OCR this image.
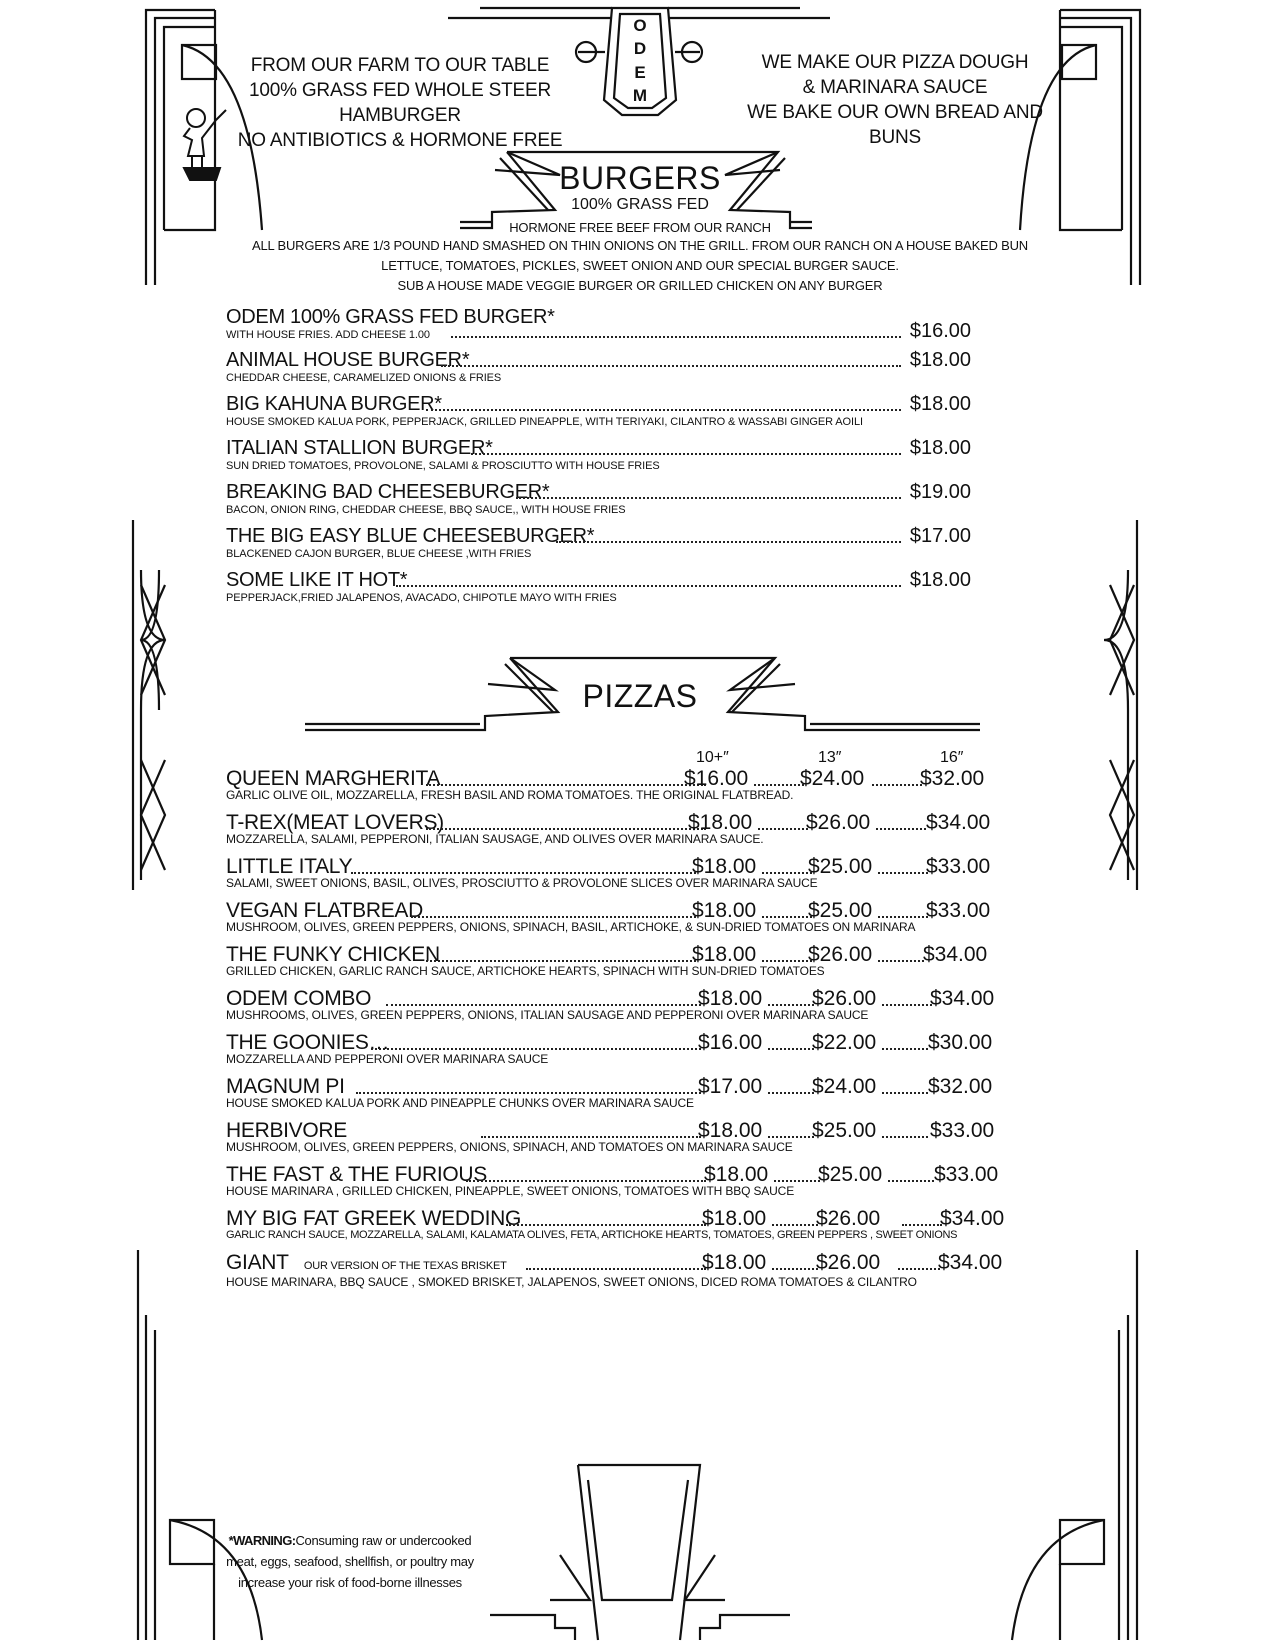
O
D
E
M
FROM OUR FARM TO OUR TABLE
100% GRASS FED WHOLE STEER HAMBURGER
NO ANTIBIOTICS & HORMONE FREE
WE MAKE OUR PIZZA DOUGH
& MARINARA SAUCE
WE BAKE OUR OWN BREAD AND BUNS
BURGERS
100% GRASS FED
HORMONE FREE BEEF FROM OUR RANCH
ALL BURGERS ARE 1/3 POUND HAND SMASHED ON THIN ONIONS ON THE GRILL. FROM OUR RANCH ON A HOUSE BAKED BUN
LETTUCE, TOMATOES, PICKLES, SWEET ONION AND OUR SPECIAL BURGER SAUCE.
SUB A HOUSE MADE VEGGIE BURGER OR GRILLED CHICKEN ON ANY BURGER
ODEM 100% GRASS FED BURGER*
WITH HOUSE FRIES. ADD CHEESE 1.00	$16.00
ANIMAL HOUSE BURGER*
CHEDDAR CHEESE, CARAMELIZED ONIONS & FRIES
$18.00
BIG KAHUNA BURGER*
HOUSE SMOKED KALUA PORK, PEPPERJACK, GRILLED PINEAPPLE, WITH TERIYAKI, CILANTRO & WASSABI GINGER AOILI
$18.00
ITALIAN STALLION BURGER*
SUN DRIED TOMATOES, PROVOLONE, SALAMI & PROSCIUTTO WITH HOUSE FRIES
$18.00
BREAKING BAD CHEESEBURGER*
BACON, ONION RING, CHEDDAR CHEESE, BBQ SAUCE,, WITH HOUSE FRIES
$19.00
THE BIG EASY BLUE CHEESEBURGER*
BLACKENED CAJON BURGER, BLUE CHEESE ,WITH FRIES
$17.00
SOME LIKE IT HOT*
PEPPERJACK,FRIED JALAPENOS, AVACADO, CHIPOTLE MAYO WITH FRIES
$18.00
PIZZAS
10+″	13″	16″
QUEEN MARGHERITA
GARLIC OLIVE OIL, MOZZARELLA, FRESH BASIL AND ROMA TOMATOES. THE ORIGINAL FLATBREAD.
$16.00 $24.00	$32.00
T-REX(MEAT LOVERS)
MOZZARELLA, SALAMI, PEPPERONI, ITALIAN SAUSAGE, AND OLIVES OVER MARINARA SAUCE.
$18.00	$26.00	$34.00
LITTLE ITALY
SALAMI, SWEET ONIONS, BASIL, OLIVES, PROSCIUTTO & PROVOLONE SLICES OVER MARINARA SAUCE
$18.00 $25.00	$33.00
VEGAN FLATBREAD
MUSHROOM, OLIVES, GREEN PEPPERS, ONIONS, SPINACH, BASIL, ARTICHOKE, & SUN-DRIED TOMATOES ON MARINARA
$18.00 $25.00	$33.00
THE FUNKY CHICKEN
GRILLED CHICKEN, GARLIC RANCH SAUCE, ARTICHOKE HEARTS, SPINACH WITH SUN-DRIED TOMATOES
$18.00 $26.00 $34.00
ODEM COMBO
MUSHROOMS, OLIVES, GREEN PEPPERS, ONIONS, ITALIAN SAUSAGE AND PEPPERONI OVER MARINARA SAUCE
$18.00 $26.00	$34.00
THE GOONIES…
MOZZARELLA AND PEPPERONI OVER MARINARA SAUCE
$16.00 $22.00 $30.00
MAGNUM PI
HOUSE SMOKED KALUA PORK AND PINEAPPLE CHUNKS OVER MARINARA SAUCE
$17.00 $24.00 $32.00
HERBIVORE
MUSHROOM, OLIVES, GREEN PEPPERS, ONIONS, SPINACH, AND TOMATOES ON MARINARA SAUCE
$18.00 $25.00	$33.00
THE FAST & THE FURIOUS
HOUSE MARINARA , GRILLED CHICKEN, PINEAPPLE, SWEET ONIONS, TOMATOES WITH BBQ SAUCE
$18.00 $25.00 $33.00
MY BIG FAT GREEK WEDDING
GARLIC RANCH SAUCE, MOZZARELLA, SALAMI, KALAMATA OLIVES, FETA, ARTICHOKE HEARTS, TOMATOES, GREEN PEPPERS , SWEET ONIONS
$18.00 $26.00	$34.00
GIANT OUR VERSION OF THE TEXAS BRISKET
HOUSE MARINARA, BBQ SAUCE , SMOKED BRISKET, JALAPENOS, SWEET ONIONS, DICED ROMA TOMATOES & CILANTRO
$18.00 $26.00	$34.00
*WARNING:Consuming raw or undercooked
meat, eggs, seafood, shellfish, or poultry may
increase your risk of food-borne illnesses
